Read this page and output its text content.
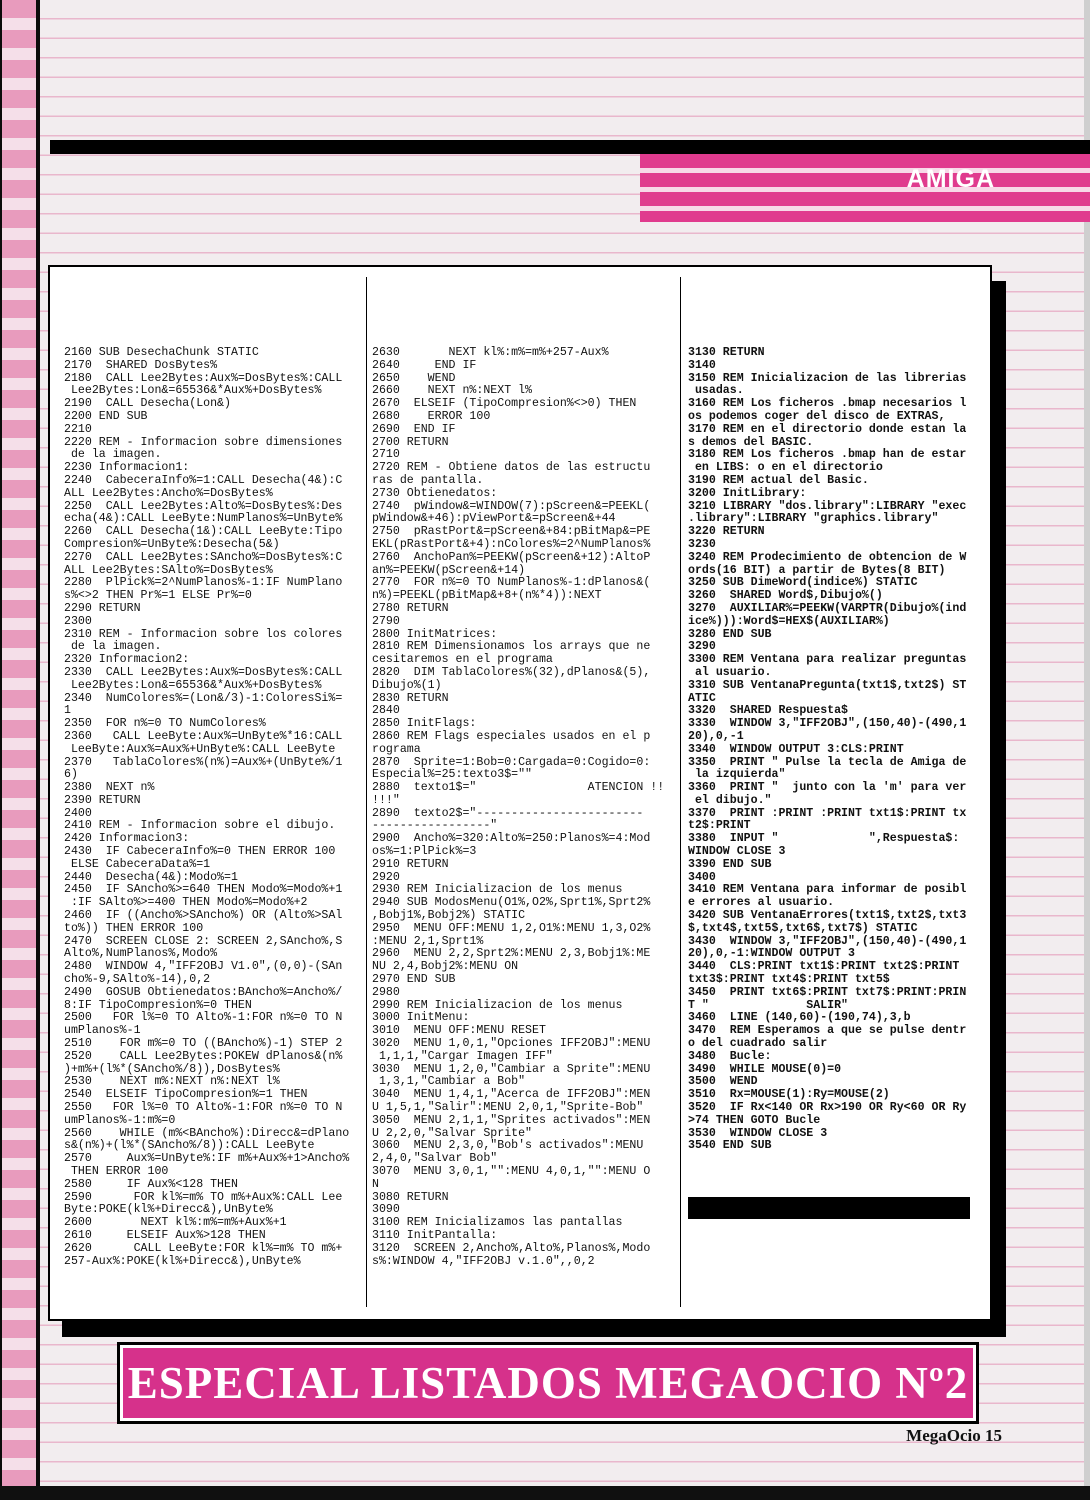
AMIGA
2160 SUB DesechaChunk STATIC
2170  SHARED DosBytes%
2180  CALL Lee2Bytes:Aux%=DosBytes%:CALL
Lee2Bytes:Lon&=65536&*Aux%+DosBytes%
2190  CALL Desecha(Lon&)
2200 END SUB
2210
2220 REM - Informacion sobre dimensiones
de la imagen.
2230 Informacion1:
2240  CabeceraInfo%=1:CALL Desecha(4&):C
ALL Lee2Bytes:Ancho%=DosBytes%
2250  CALL Lee2Bytes:Alto%=DosBytes%:Des
echa(4&):CALL LeeByte:NumPlanos%=UnByte%
2260  CALL Desecha(1&):CALL LeeByte:Tipo
Compresion%=UnByte%:Desecha(5&)
2270  CALL Lee2Bytes:SAncho%=DosBytes%:C
ALL Lee2Bytes:SAlto%=DosBytes%
2280  PlPick%=2^NumPlanos%-1:IF NumPlano
s%<>2 THEN Pr%=1 ELSE Pr%=0
2290 RETURN
2300
2310 REM - Informacion sobre los colores
de la imagen.
2320 Informacion2:
2330  CALL Lee2Bytes:Aux%=DosBytes%:CALL
Lee2Bytes:Lon&=65536&*Aux%+DosBytes%
2340  NumColores%=(Lon&/3)-1:ColoresSi%=
1
2350  FOR n%=0 TO NumColores%
2360   CALL LeeByte:Aux%=UnByte%*16:CALL
LeeByte:Aux%=Aux%+UnByte%:CALL LeeByte
2370   TablaColores%(n%)=Aux%+(UnByte%/1
6)
2380  NEXT n%
2390 RETURN
2400
2410 REM - Informacion sobre el dibujo.
2420 Informacion3:
2430  IF CabeceraInfo%=0 THEN ERROR 100
ELSE CabeceraData%=1
2440  Desecha(4&):Modo%=1
2450  IF SAncho%>=640 THEN Modo%=Modo%+1
:IF SAlto%>=400 THEN Modo%=Modo%+2
2460  IF ((Ancho%>SAncho%) OR (Alto%>SAl
to%)) THEN ERROR 100
2470  SCREEN CLOSE 2: SCREEN 2,SAncho%,S
Alto%,NumPlanos%,Modo%
2480  WINDOW 4,"IFF2OBJ V1.0",(0,0)-(SAn
cho%-9,SAlto%-14),0,2
2490  GOSUB Obtienedatos:BAncho%=Ancho%/
8:IF TipoCompresion%=0 THEN
2500   FOR l%=0 TO Alto%-1:FOR n%=0 TO N
umPlanos%-1
2510    FOR m%=0 TO ((BAncho%)-1) STEP 2
2520    CALL Lee2Bytes:POKEW dPlanos&(n%
)+m%+(l%*(SAncho%/8)),DosBytes%
2530    NEXT m%:NEXT n%:NEXT l%
2540  ELSEIF TipoCompresion%=1 THEN
2550   FOR l%=0 TO Alto%-1:FOR n%=0 TO N
umPlanos%-1:m%=0
2560    WHILE (m%<BAncho%):Direcc&=dPlano
s&(n%)+(l%*(SAncho%/8)):CALL LeeByte
2570     Aux%=UnByte%:IF m%+Aux%+1>Ancho%
THEN ERROR 100
2580     IF Aux%<128 THEN
2590      FOR kl%=m% TO m%+Aux%:CALL Lee
Byte:POKE(kl%+Direcc&),UnByte%
2600       NEXT kl%:m%=m%+Aux%+1
2610     ELSEIF Aux%>128 THEN
2620      CALL LeeByte:FOR kl%=m% TO m%+
257-Aux%:POKE(kl%+Direcc&),UnByte%
2630       NEXT kl%:m%=m%+257-Aux%
2640     END IF
2650    WEND
2660    NEXT n%:NEXT l%
2670  ELSEIF (TipoCompresion%<>0) THEN
2680    ERROR 100
2690  END IF
2700 RETURN
2710
2720 REM - Obtiene datos de las estructu
ras de pantalla.
2730 Obtienedatos:
2740  pWindow&=WINDOW(7):pScreen&=PEEKL(
pWindow&+46):pViewPort&=pScreen&+44
2750  pRastPort&=pScreen&+84:pBitMap&=PE
EKL(pRastPort&+4):nColores%=2^NumPlanos%
2760  AnchoPan%=PEEKW(pScreen&+12):AltoP
an%=PEEKW(pScreen&+14)
2770  FOR n%=0 TO NumPlanos%-1:dPlanos&(
n%)=PEEKL(pBitMap&+8+(n%*4)):NEXT
2780 RETURN
2790
2800 InitMatrices:
2810 REM Dimensionamos los arrays que ne
cesitaremos en el programa
2820  DIM TablaColores%(32),dPlanos&(5),
Dibujo%(1)
2830 RETURN
2840
2850 InitFlags:
2860 REM Flags especiales usados en el p
rograma
2870  Sprite=1:Bob=0:Cargada=0:Cogido=0:
Especial%=25:texto3$=""
2880  texto1$="                ATENCION !!
!!!"
2890  texto2$="------------------------
-----------------"
2900  Ancho%=320:Alto%=250:Planos%=4:Mod
os%=1:PlPick%=3
2910 RETURN
2920
2930 REM Inicializacion de los menus
2940 SUB ModosMenu(O1%,O2%,Sprt1%,Sprt2%
,Bobj1%,Bobj2%) STATIC
2950  MENU OFF:MENU 1,2,O1%:MENU 1,3,O2%
:MENU 2,1,Sprt1%
2960  MENU 2,2,Sprt2%:MENU 2,3,Bobj1%:ME
NU 2,4,Bobj2%:MENU ON
2970 END SUB
2980
2990 REM Inicializacion de los menus
3000 InitMenu:
3010  MENU OFF:MENU RESET
3020  MENU 1,0,1,"Opciones IFF2OBJ":MENU
1,1,1,"Cargar Imagen IFF"
3030  MENU 1,2,0,"Cambiar a Sprite":MENU
1,3,1,"Cambiar a Bob"
3040  MENU 1,4,1,"Acerca de IFF2OBJ":MEN
U 1,5,1,"Salir":MENU 2,0,1,"Sprite-Bob"
3050  MENU 2,1,1,"Sprites activados":MEN
U 2,2,0,"Salvar Sprite"
3060  MENU 2,3,0,"Bob's activados":MENU
2,4,0,"Salvar Bob"
3070  MENU 3,0,1,"":MENU 4,0,1,"":MENU O
N
3080 RETURN
3090
3100 REM Inicializamos las pantallas
3110 InitPantalla:
3120  SCREEN 2,Ancho%,Alto%,Planos%,Modo
s%:WINDOW 4,"IFF2OBJ v.1.0",,0,2
3130 RETURN
3140
3150 REM Inicializacion de las librerias
usadas.
3160 REM Los ficheros .bmap necesarios l
os podemos coger del disco de EXTRAS,
3170 REM en el directorio donde estan la
s demos del BASIC.
3180 REM Los ficheros .bmap han de estar
en LIBS: o en el directorio
3190 REM actual del Basic.
3200 InitLibrary:
3210 LIBRARY "dos.library":LIBRARY "exec
.library":LIBRARY "graphics.library"
3220 RETURN
3230
3240 REM Prodecimiento de obtencion de W
ords(16 BIT) a partir de Bytes(8 BIT)
3250 SUB DimeWord(indice%) STATIC
3260  SHARED Word$,Dibujo%()
3270  AUXILIAR%=PEEKW(VARPTR(Dibujo%(ind
ice%))):Word$=HEX$(AUXILIAR%)
3280 END SUB
3290
3300 REM Ventana para realizar preguntas
al usuario.
3310 SUB VentanaPregunta(txt1$,txt2$) ST
ATIC
3320  SHARED Respuesta$
3330  WINDOW 3,"IFF2OBJ",(150,40)-(490,1
20),0,-1
3340  WINDOW OUTPUT 3:CLS:PRINT
3350  PRINT " Pulse la tecla de Amiga de
la izquierda"
3360  PRINT "  junto con la 'm' para ver
el dibujo."
3370  PRINT :PRINT :PRINT txt1$:PRINT tx
t2$:PRINT
3380  INPUT "             ",Respuesta$:
WINDOW CLOSE 3
3390 END SUB
3400
3410 REM Ventana para informar de posibl
e errores al usuario.
3420 SUB VentanaErrores(txt1$,txt2$,txt3
$,txt4$,txt5$,txt6$,txt7$) STATIC
3430  WINDOW 3,"IFF2OBJ",(150,40)-(490,1
20),0,-1:WINDOW OUTPUT 3
3440  CLS:PRINT txt1$:PRINT txt2$:PRINT
txt3$:PRINT txt4$:PRINT txt5$
3450  PRINT txt6$:PRINT txt7$:PRINT:PRIN
T "              SALIR"
3460  LINE (140,60)-(190,74),3,b
3470  REM Esperamos a que se pulse dentr
o del cuadrado salir
3480  Bucle:
3490  WHILE MOUSE(0)=0
3500  WEND
3510  Rx=MOUSE(1):Ry=MOUSE(2)
3520  IF Rx<140 OR Rx>190 OR Ry<60 OR Ry
>74 THEN GOTO Bucle
3530  WINDOW CLOSE 3
3540 END SUB
ESPECIAL LISTADOS MEGAOCIO Nº2
MegaOcio 15
